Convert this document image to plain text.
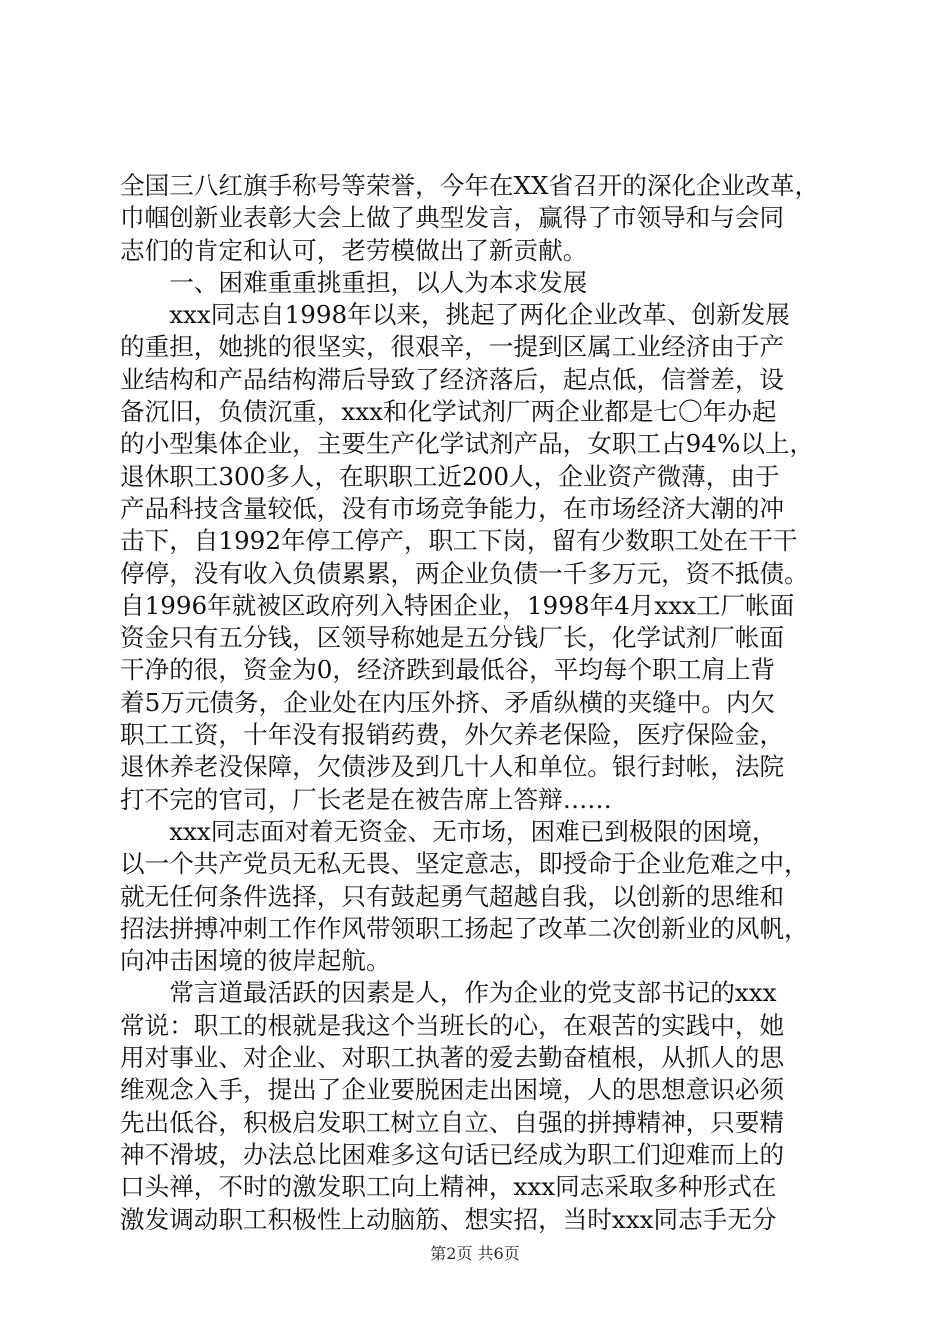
全国三八红旗手称号等荣誉，今年在XX省召开的深化企业改革，
巾帼创新业表彰大会上做了典型发言，赢得了市领导和与会同
志们的肯定和认可，老劳模做出了新贡献。
　　一、困难重重挑重担，以人为本求发展
　　xxx同志自1998年以来，挑起了两化企业改革、创新发展
的重担，她挑的很坚实，很艰辛，一提到区属工业经济由于产
业结构和产品结构滞后导致了经济落后，起点低，信誉差，设
备沉旧，负债沉重，xxx和化学试剂厂两企业都是七〇年办起
的小型集体企业，主要生产化学试剂产品，女职工占94%以上，
退休职工300多人，在职职工近200人，企业资产微薄，由于
产品科技含量较低，没有市场竞争能力，在市场经济大潮的冲
击下，自1992年停工停产，职工下岗，留有少数职工处在干干
停停，没有收入负债累累，两企业负债一千多万元，资不抵债。
自1996年就被区政府列入特困企业，1998年4月xxx工厂帐面
资金只有五分钱，区领导称她是五分钱厂长，化学试剂厂帐面
干净的很，资金为0，经济跌到最低谷，平均每个职工肩上背
着5万元债务，企业处在内压外挤、矛盾纵横的夹缝中。内欠
职工工资，十年没有报销药费，外欠养老保险，医疗保险金，
退休养老没保障，欠债涉及到几十人和单位。银行封帐，法院
打不完的官司，厂长老是在被告席上答辩……
　　xxx同志面对着无资金、无市场，困难已到极限的困境，
以一个共产党员无私无畏、坚定意志，即授命于企业危难之中，
就无任何条件选择，只有鼓起勇气超越自我，以创新的思维和
招法拼搏冲刺工作作风带领职工扬起了改革二次创新业的风帆，
向冲击困境的彼岸起航。
　　常言道最活跃的因素是人，作为企业的党支部书记的xxx
常说：职工的根就是我这个当班长的心，在艰苦的实践中，她
用对事业、对企业、对职工执著的爱去勤奋植根，从抓人的思
维观念入手，提出了企业要脱困走出困境，人的思想意识必须
先出低谷，积极启发职工树立自立、自强的拼搏精神，只要精
神不滑坡，办法总比困难多这句话已经成为职工们迎难而上的
口头禅，不时的激发职工向上精神，xxx同志采取多种形式在
激发调动职工积极性上动脑筋、想实招，当时xxx同志手无分
第2页 共6页
